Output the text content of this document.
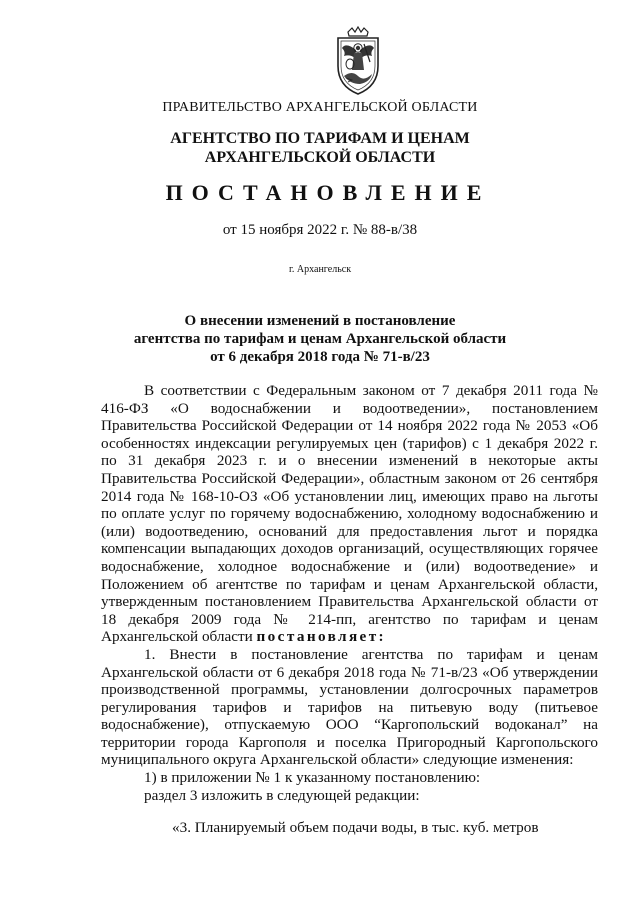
ПРАВИТЕЛЬСТВО АРХАНГЕЛЬСКОЙ ОБЛАСТИ
АГЕНТСТВО ПО ТАРИФАМ И ЦЕНАМ
АРХАНГЕЛЬСКОЙ ОБЛАСТИ
ПОСТАНОВЛЕНИЕ
от 15 ноября 2022 г. № 88-в/38
г. Архангельск
О внесении изменений в постановление
агентства по тарифам и ценам Архангельской области
от 6 декабря 2018 года № 71-в/23

В соответствии с Федеральным законом от 7 декабря 2011 года № 416-ФЗ «О водоснабжении и водоотведении», постановлением Правительства Российской Федерации от 14 ноября 2022 года № 2053 «Об особенностях индексации регулируемых цен (тарифов) с 1 декабря 2022 г. по 31 декабря 2023 г. и о внесении изменений в некоторые акты Правительства Российской Федерации», областным законом от 26 сентября 2014 года № 168-10-ОЗ «Об установлении лиц, имеющих право на льготы по оплате услуг по горячему водоснабжению, холодному водоснабжению и (или) водоотведению, оснований для предоставления льгот и порядка компенсации выпадающих доходов организаций, осуществляющих горячее водоснабжение, холодное водоснабжение и (или) водоотведение» и Положением об агентстве по тарифам и ценам Архангельской области, утвержденным постановлением Правительства Архангельской области от 18 декабря 2009 года № 214-пп, агентство по тарифам и ценам Архангельской области постановляет:

1. Внести в постановление агентства по тарифам и ценам Архангельской области от 6 декабря 2018 года № 71-в/23 «Об утверждении производственной программы, установлении долгосрочных параметров регулирования тарифов и тарифов на питьевую воду (питьевое водоснабжение), отпускаемую ООО “Каргопольский водоканал” на территории города Каргополя и поселка Пригородный Каргопольского муниципального округа Архангельской области» следующие изменения:

1) в приложении № 1 к указанному постановлению:

раздел 3 изложить в следующей редакции:

«3. Планируемый объем подачи воды, в тыс. куб. метров
